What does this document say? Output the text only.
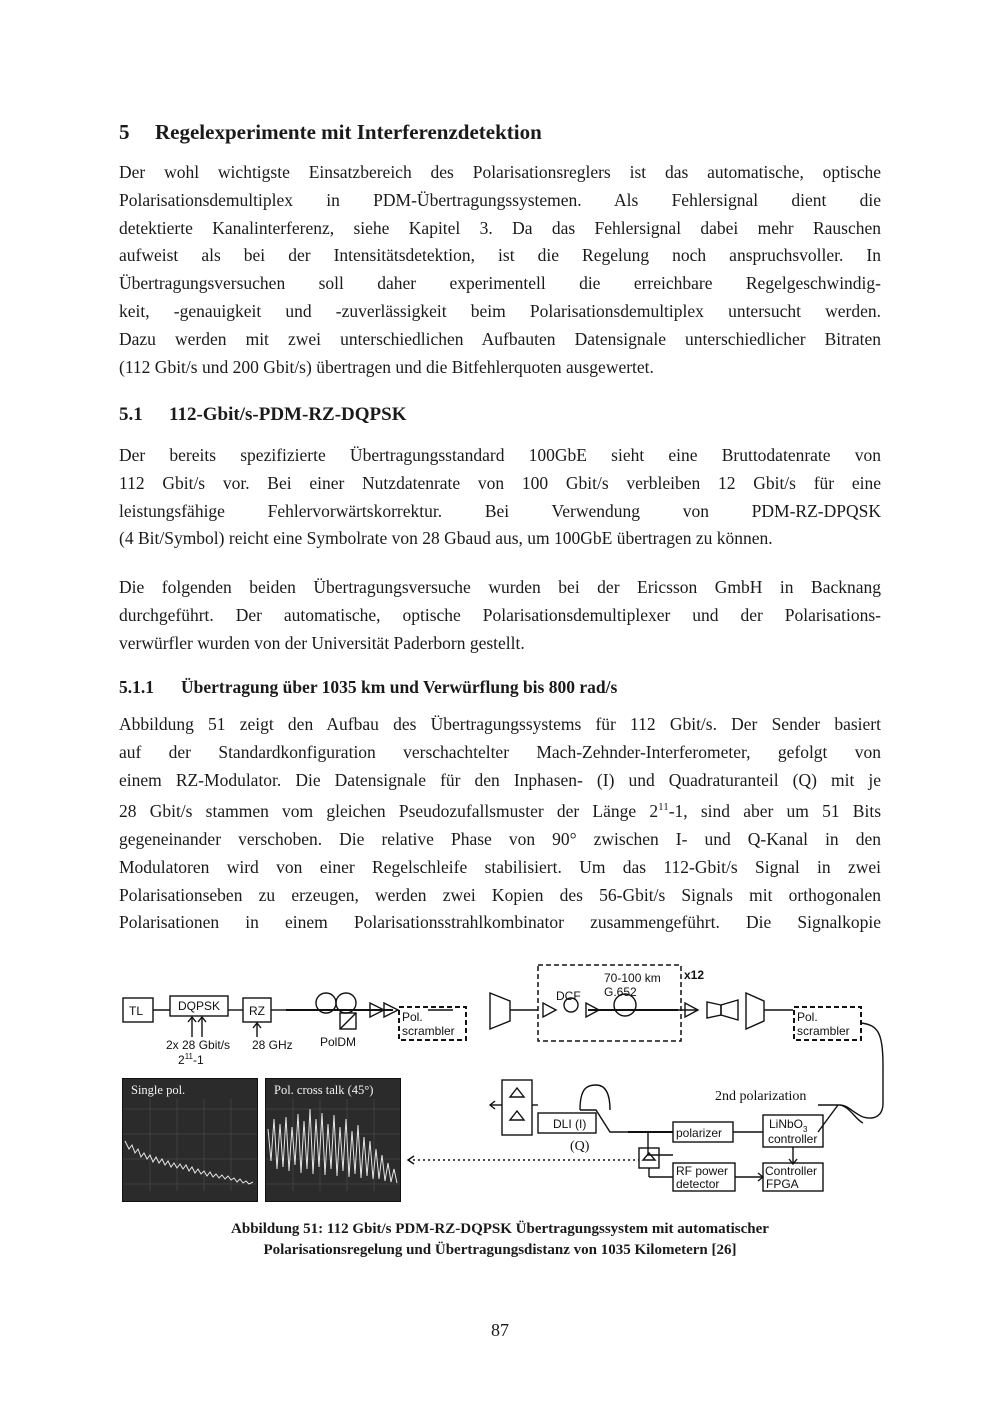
5 Regelexperimente mit Interferenzdetektion

Der wohl wichtigste Einsatzbereich des Polarisationsreglers ist das automatische, optische
Polarisationsdemultiplex in PDM-Übertragungssystemen. Als Fehlersignal dient die
detektierte Kanalinterferenz, siehe Kapitel 3. Da das Fehlersignal dabei mehr Rauschen
aufweist als bei der Intensitätsdetektion, ist die Regelung noch anspruchsvoller. In
Übertragungsversuchen soll daher experimentell die erreichbare Regelgeschwindig-
keit, -genauigkeit und -zuverlässigkeit beim Polarisationsdemultiplex untersucht werden.
Dazu werden mit zwei unterschiedlichen Aufbauten Datensignale unterschiedlicher Bitraten
(112 Gbit/s und 200 Gbit/s) übertragen und die Bitfehlerquoten ausgewertet.

5.1 112-Gbit/s-PDM-RZ-DQPSK

Der bereits spezifizierte Übertragungsstandard 100GbE sieht eine Bruttodatenrate von
112 Gbit/s vor. Bei einer Nutzdatenrate von 100 Gbit/s verbleiben 12 Gbit/s für eine
leistungsfähige Fehlervorwärtskorrektur. Bei Verwendung von PDM-RZ-DPQSK
(4 Bit/Symbol) reicht eine Symbolrate von 28 Gbaud aus, um 100GbE übertragen zu können.

Die folgenden beiden Übertragungsversuche wurden bei der Ericsson GmbH in Backnang
durchgeführt. Der automatische, optische Polarisationsdemultiplexer und der Polarisations-
verwürfler wurden von der Universität Paderborn gestellt.

5.1.1 Übertragung über 1035 km und Verwürflung bis 800 rad/s

Abbildung 51 zeigt den Aufbau des Übertragungssystems für 112 Gbit/s. Der Sender basiert
auf der Standardkonfiguration verschachtelter Mach-Zehnder-Interferometer, gefolgt von
einem RZ-Modulator. Die Datensignale für den Inphasen- (I) und Quadraturanteil (Q) mit je
28 Gbit/s stammen vom gleichen Pseudozufallsmuster der Länge $2^{11}-1$, sind aber um 51 Bits
gegeneinander verschoben. Die relative Phase von 90° zwischen I- und Q-Kanal in den
Modulatoren wird von einer Regelschleife stabilisiert. Um das 112-Gbit/s Signal in zwei
Polarisationseben zu erzeugen, werden zwei Kopien des 56-Gbit/s Signals mit orthogonalen
Polarisationen in einem Polarisationsstrahlkombinator zusammengeführt. Die Signalkopie

TL	DQPSK RZ
2x 28 Gbit/s
$2^{11}-1$
28 GHz PolDM
Pol.
scrambler
70-100 km
G.652
DCF
x12
Pol.
scrambler
polarizer
LiNbO$_3$
controller
RF power
detector
Controller
FPGA
DLI (I)
2nd polarization
(Q)
Single pol.	Pol. cross talk (45°)
Abbildung 51: 112 Gbit/s PDM-RZ-DQPSK Übertragungssystem mit automatischer
Polarisationsregelung und Übertragungsdistanz von 1035 Kilometern [26]
87
